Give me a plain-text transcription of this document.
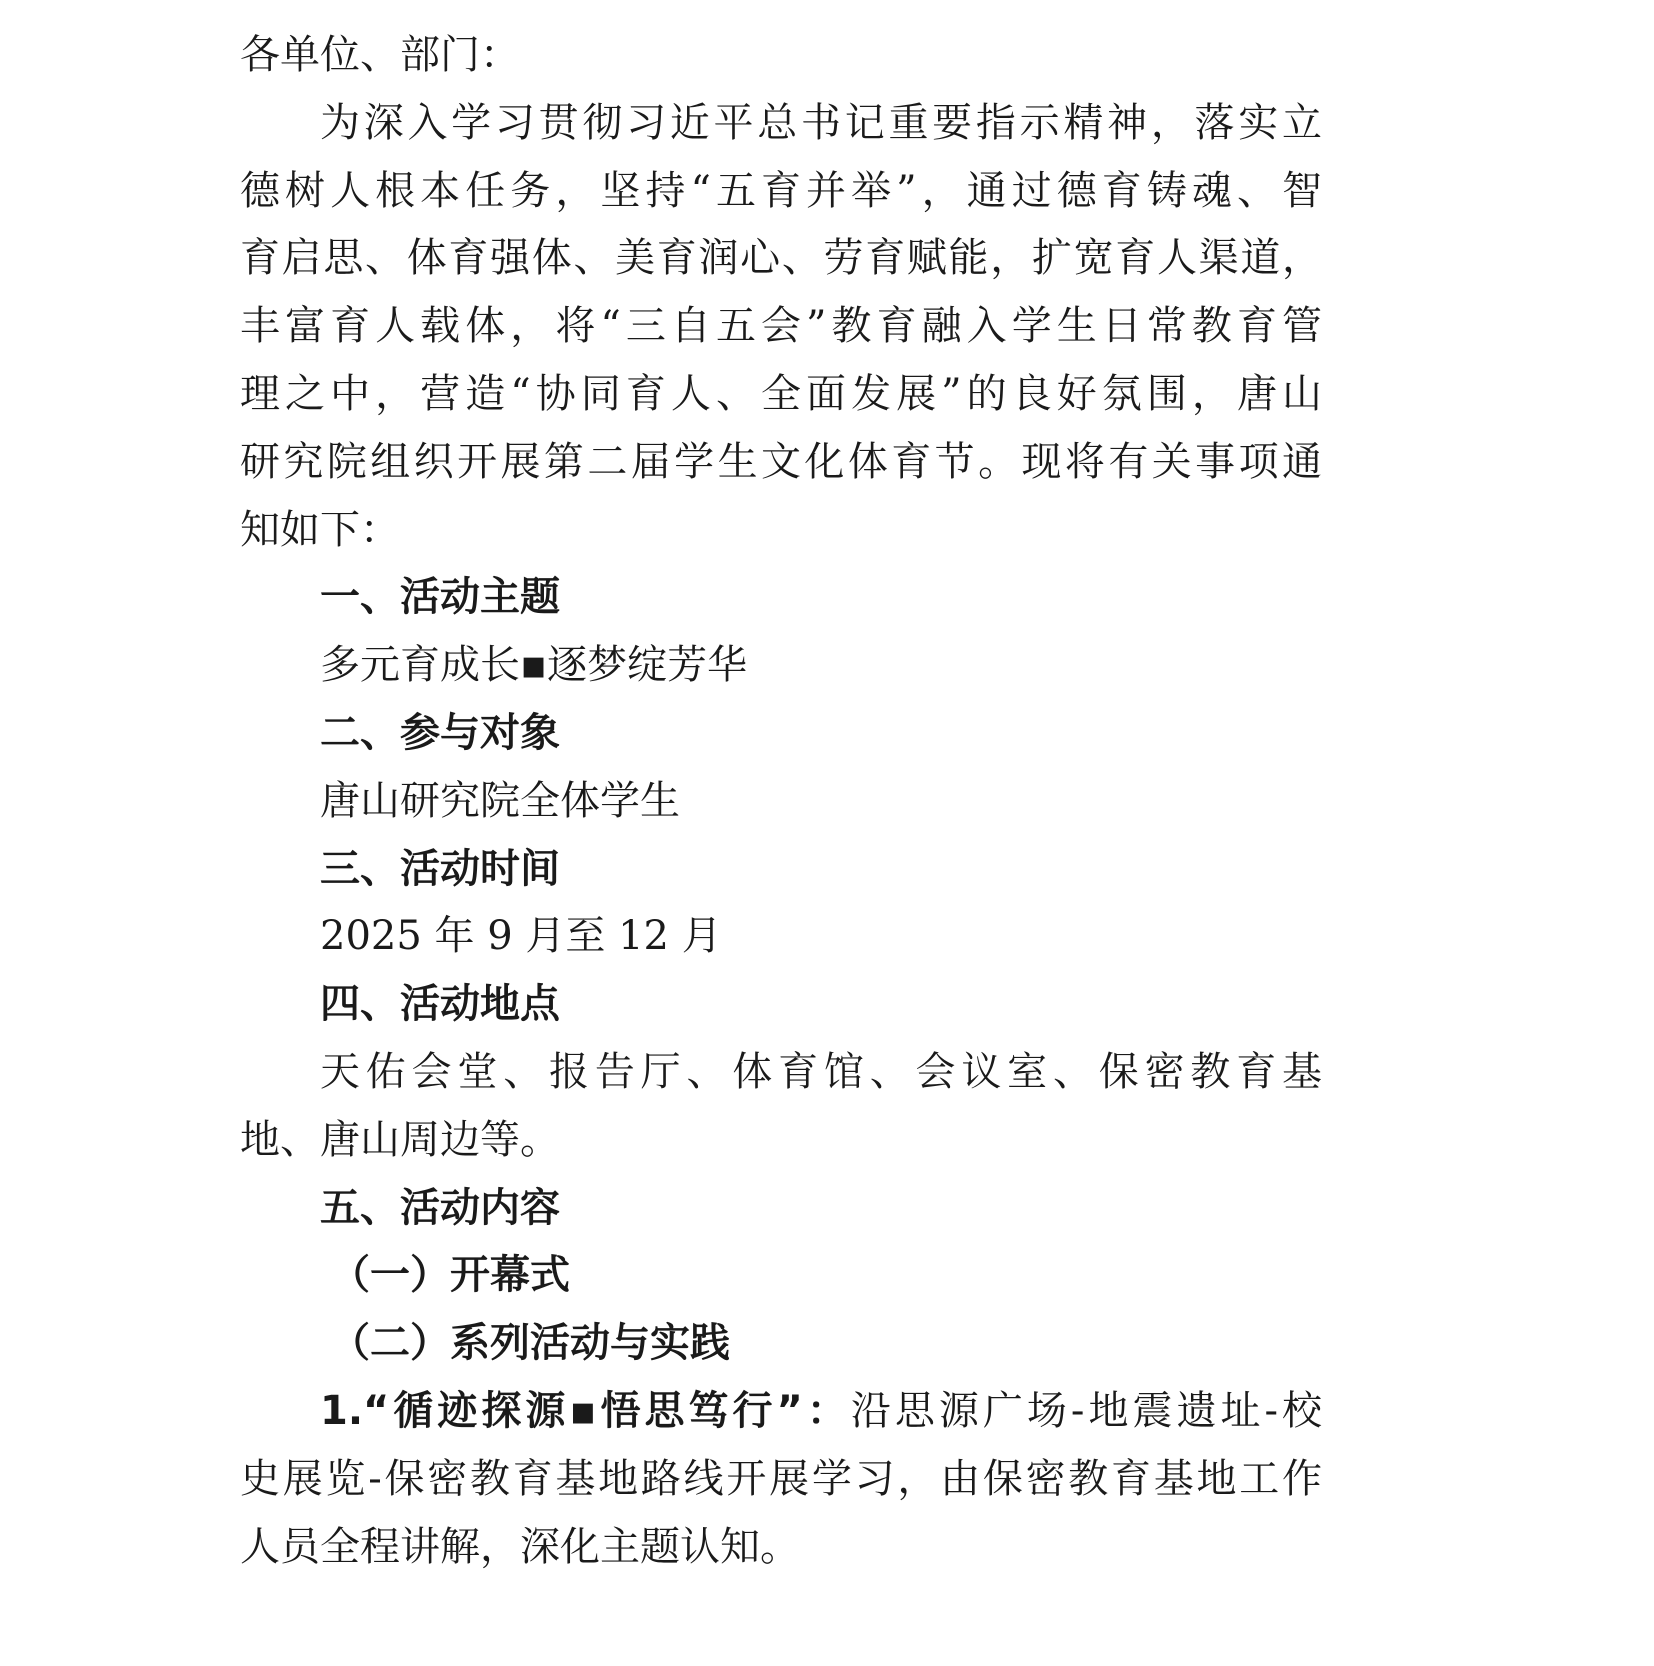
各单位、部门：
为深入学习贯彻习近平总书记重要指示精神，落实立
德树人根本任务，坚持“五育并举”，通过德育铸魂、智
育启思、体育强体、美育润心、劳育赋能，扩宽育人渠道，
丰富育人载体，将“三自五会”教育融入学生日常教育管
理之中，营造“协同育人、全面发展”的良好氛围，唐山
研究院组织开展第二届学生文化体育节。现将有关事项通
知如下：
一、活动主题
多元育成长▪逐梦绽芳华
二、参与对象
唐山研究院全体学生
三、活动时间
2025 年 9 月至 12 月
四、活动地点
天佑会堂、报告厅、体育馆、会议室、保密教育基
地、唐山周边等。
五、活动内容
（一）开幕式
（二）系列活动与实践
1.“循迹探源▪悟思笃行”：沿思源广场-地震遗址-校
史展览-保密教育基地路线开展学习，由保密教育基地工作
人员全程讲解，深化主题认知。
